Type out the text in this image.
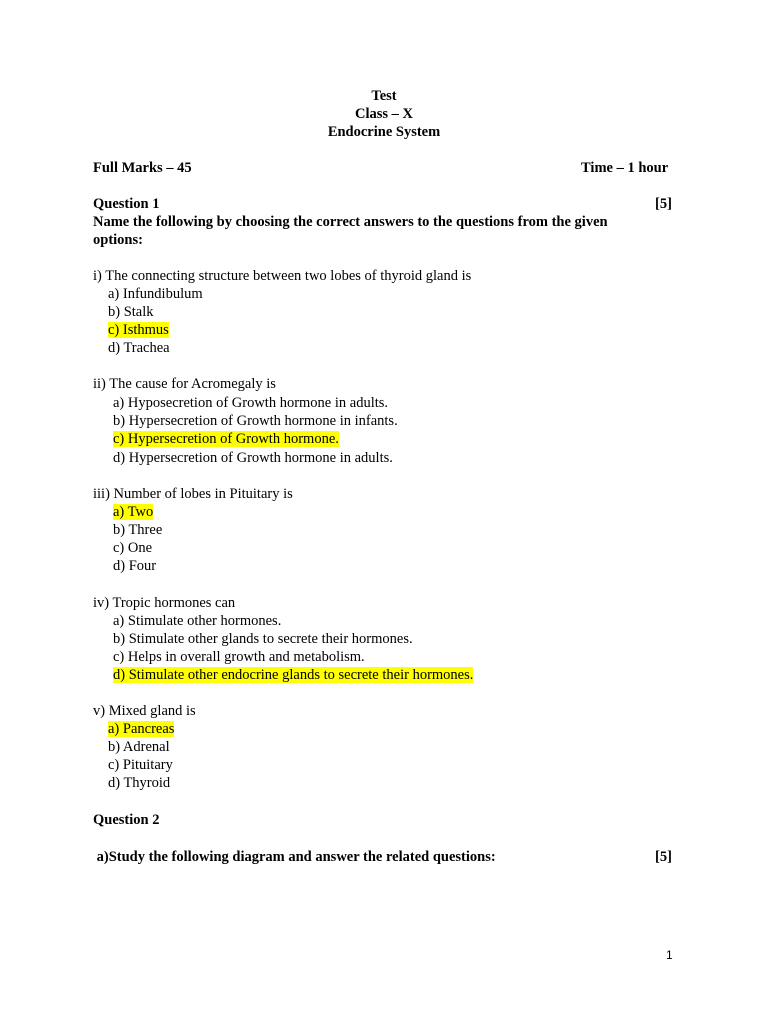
Test
Class – X
Endocrine System
Full Marks – 45	Time – 1 hour
Question 1	[5]
Name the following by choosing the correct answers to the questions from the given
options:
i) The connecting structure between two lobes of thyroid gland is
a) Infundibulum
b) Stalk
c) Isthmus
d) Trachea
ii) The cause for Acromegaly is
a) Hyposecretion of Growth hormone in adults.
b) Hypersecretion of Growth hormone in infants.
c) Hypersecretion of Growth hormone.
d) Hypersecretion of Growth hormone in adults.
iii) Number of lobes in Pituitary is
a) Two
b) Three
c) One
d) Four
iv) Tropic hormones can
a) Stimulate other hormones.
b) Stimulate other glands to secrete their hormones.
c) Helps in overall growth and metabolism.
d) Stimulate other endocrine glands to secrete their hormones.
v) Mixed gland is
a) Pancreas
b) Adrenal
c) Pituitary
d) Thyroid
Question 2
a)Study the following diagram and answer the related questions:	[5]
1
